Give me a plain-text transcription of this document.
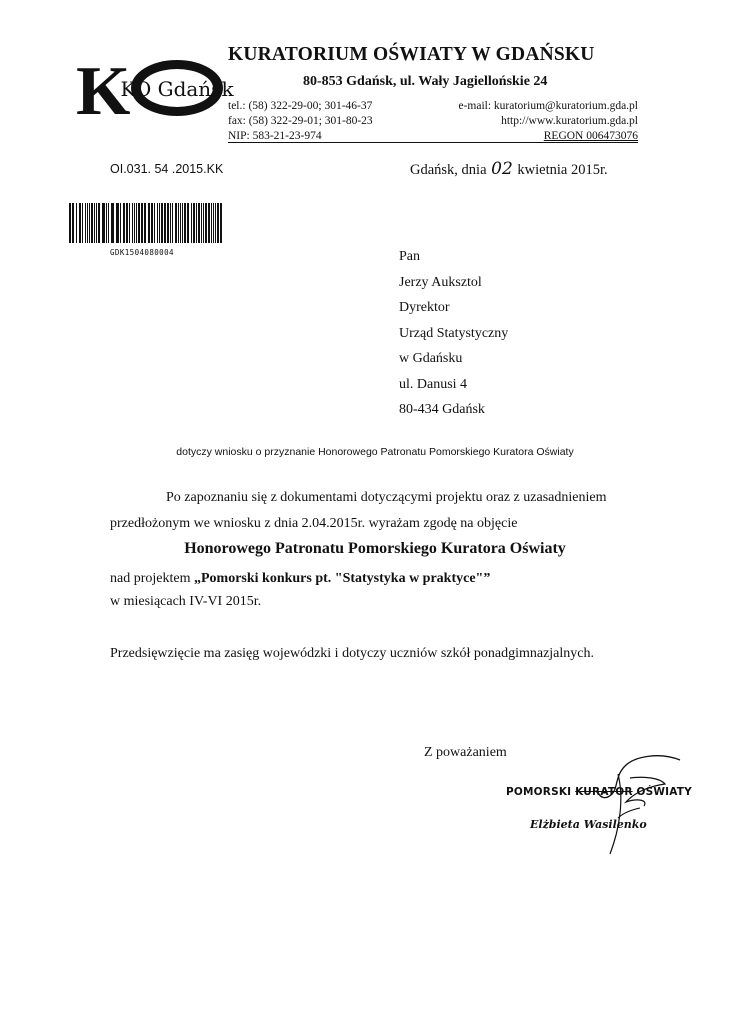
K
KO Gdańsk
KURATORIUM OŚWIATY W GDAŃSKU
80-853 Gdańsk, ul. Wały Jagiellońskie 24
tel.: (58) 322-29-00; 301-46-37
fax: (58) 322-29-01; 301-80-23
NIP: 583-21-23-974
e-mail: kuratorium@kuratorium.gda.pl
http://www.kuratorium.gda.pl
REGON 006473076
OI.031. 54 .2015.KK	Gdańsk, dnia 02 kwietnia 2015r.
GDK1504080004	Pan
Jerzy Auksztol
Dyrektor
Urząd Statystyczny
w Gdańsku
ul. Danusi 4
80-434 Gdańsk
dotyczy wniosku o przyznanie Honorowego Patronatu Pomorskiego Kuratora Oświaty
Po zapoznaniu się z dokumentami dotyczącymi projektu oraz z uzasadnieniem
przedłożonym we wniosku z dnia 2.04.2015r. wyrażam zgodę na objęcie
Honorowego Patronatu Pomorskiego Kuratora Oświaty
nad projektem „Pomorski konkurs pt. "Statystyka w praktyce"”
w miesiącach IV-VI 2015r.
Przedsięwzięcie ma zasięg wojewódzki i dotyczy uczniów szkół ponadgimnazjalnych.
Z poważaniem
POMORSKI KURATOR OŚWIATY
Elżbieta Wasilenko
